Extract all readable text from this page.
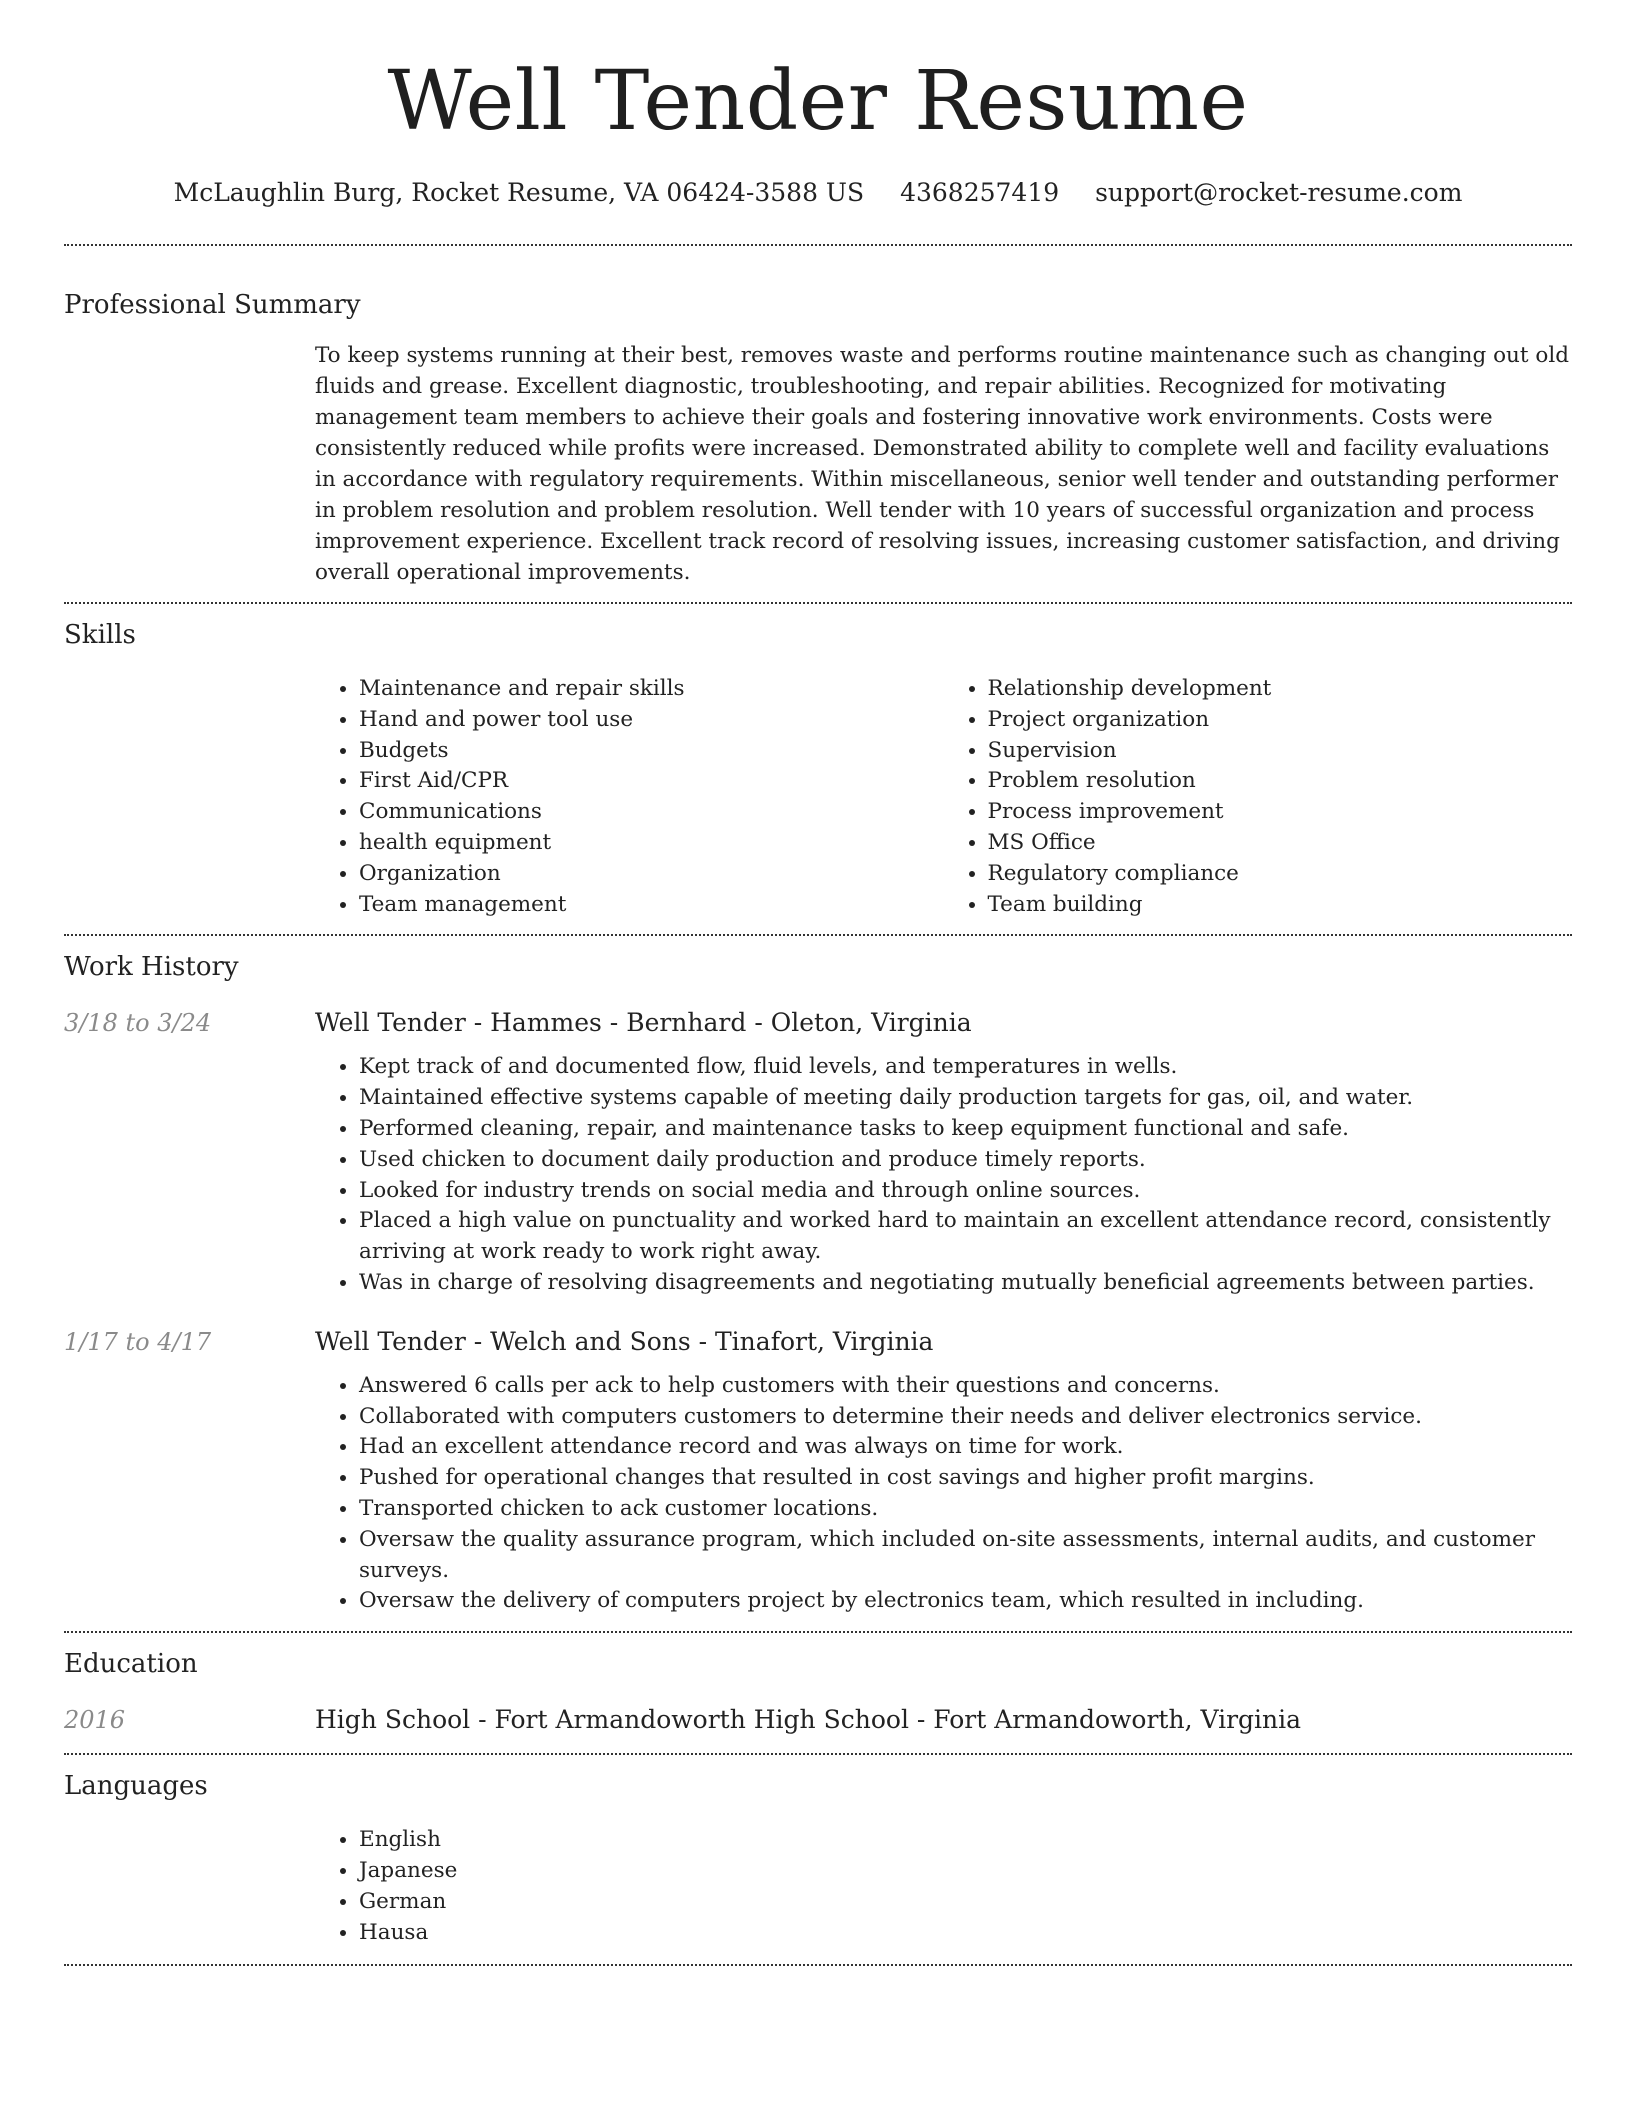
Well Tender Resume
McLaughlin Burg, Rocket Resume, VA 06424-3588 US 4368257419 support@rocket-resume.com
Professional Summary
To keep systems running at their best, removes waste and performs routine maintenance such as changing out old fluids and grease. Excellent diagnostic, troubleshooting, and repair abilities. Recognized for motivating management team members to achieve their goals and fostering innovative work environments. Costs were consistently reduced while profits were increased. Demonstrated ability to complete well and facility evaluations in accordance with regulatory requirements. Within miscellaneous, senior well tender and outstanding performer in problem resolution and problem resolution. Well tender with 10 years of successful organization and process improvement experience. Excellent track record of resolving issues, increasing customer satisfaction, and driving overall operational improvements.
Skills
• Maintenance and repair skills
• Hand and power tool use
• Budgets
• First Aid/CPR
• Communications
• health equipment
• Organization
• Team management
• Relationship development
• Project organization
• Supervision
• Problem resolution
• Process improvement
• MS Office
• Regulatory compliance
• Team building
Work History
3/18 to 3/24	Well Tender - Hammes - Bernhard - Oleton, Virginia
• Kept track of and documented flow, fluid levels, and temperatures in wells.
• Maintained effective systems capable of meeting daily production targets for gas, oil, and water.
• Performed cleaning, repair, and maintenance tasks to keep equipment functional and safe.
• Used chicken to document daily production and produce timely reports.
• Looked for industry trends on social media and through online sources.
• Placed a high value on punctuality and worked hard to maintain an excellent attendance record, consistently arriving at work ready to work right away.
• Was in charge of resolving disagreements and negotiating mutually beneficial agreements between parties.
1/17 to 4/17	Well Tender - Welch and Sons - Tinafort, Virginia
• Answered 6 calls per ack to help customers with their questions and concerns.
• Collaborated with computers customers to determine their needs and deliver electronics service.
• Had an excellent attendance record and was always on time for work.
• Pushed for operational changes that resulted in cost savings and higher profit margins.
• Transported chicken to ack customer locations.
• Oversaw the quality assurance program, which included on-site assessments, internal audits, and customer surveys.
• Oversaw the delivery of computers project by electronics team, which resulted in including.
Education
2016	High School - Fort Armandoworth High School - Fort Armandoworth, Virginia
Languages
• English
• Japanese
• German
• Hausa
